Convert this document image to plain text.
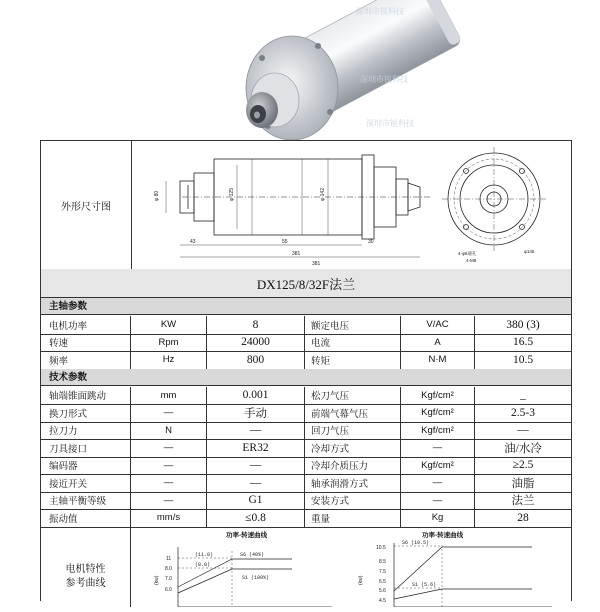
深圳市锐科技
深圳市锐科技
深圳市锐科技
外形尺寸图
φ 80	φ 125	φ 142
43	55	30
381
381
4-φ8通孔
4-M8
φ145
DX125/8/32F法兰
电机特性
参考曲线
功率-转速曲线
(kw)
11
8.0
7.0
6.0
(11.0)
(8.0)
S6 (40%)
S1 (100%)
功率-转速曲线
(kw)
10.5
8.5
7.5
6.5
5.6
4.5
S6 (10.5)
S1 (5.6)
主轴参数
电机功率	KW	8	额定电压	V/AC	380 (3)
转速	Rpm	24000	电流	A	16.5
频率	Hz	800	转矩	N·M	10.5
技术参数
轴端锥面跳动	mm	0.001	松刀气压	Kgf/cm²	_
换刀形式	—	手动	前端气幕气压	Kgf/cm²	2.5-3
拉刀力	N	—	回刀气压	Kgf/cm²	—
刀具接口	—	ER32	冷却方式	—	油/水冷
编码器	—	—	冷却介质压力	Kgf/cm²	≥2.5
接近开关	—	—	轴承润滑方式	—	油脂
主轴平衡等级	—	G1	安装方式	—	法兰
振动值	mm/s	≤0.8	重量	Kg	28
